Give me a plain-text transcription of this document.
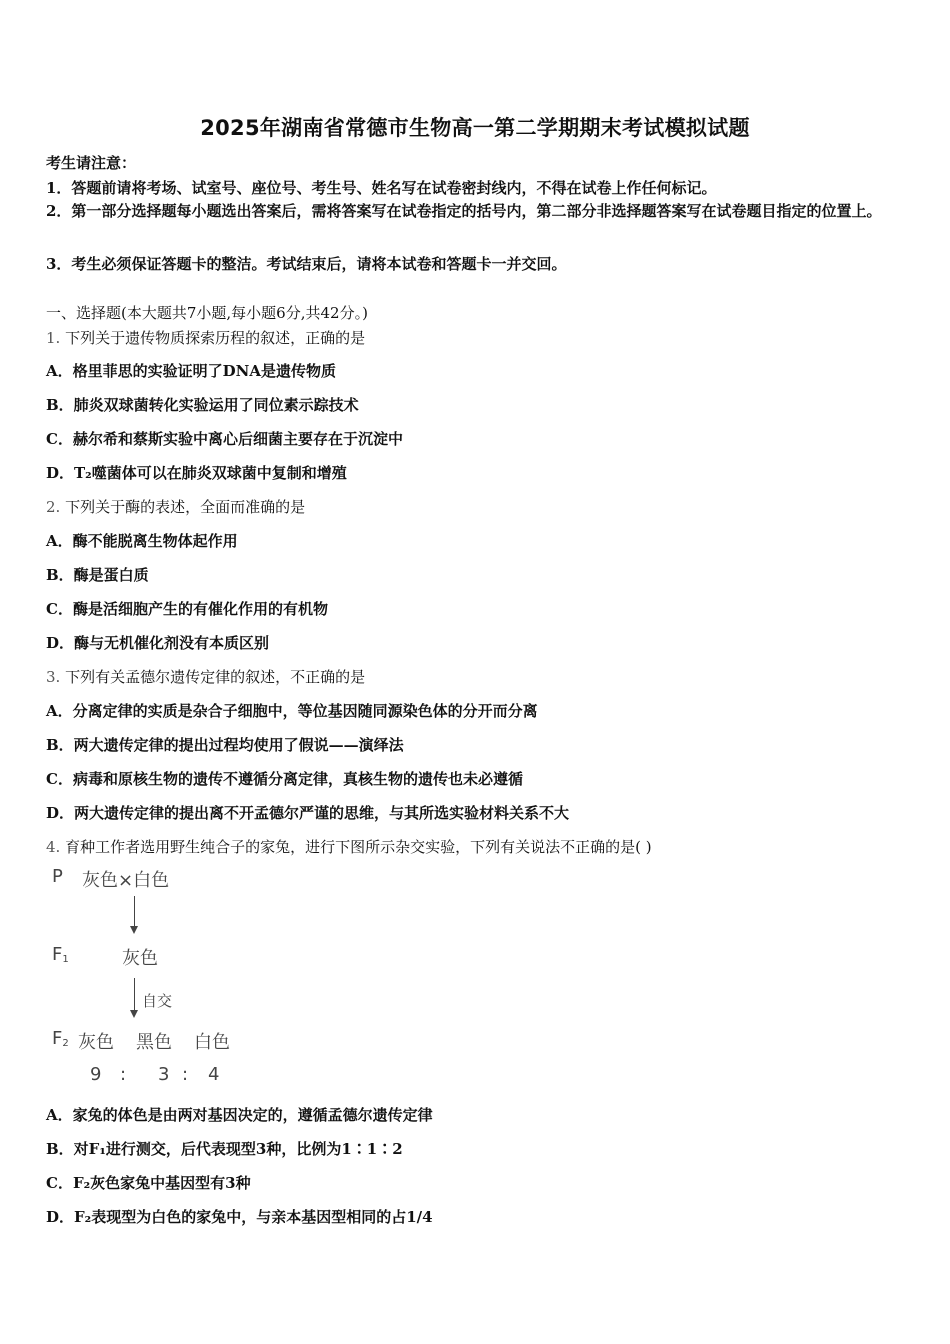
2025年湖南省常德市生物高一第二学期期末考试模拟试题
考生请注意：
1．答题前请将考场、试室号、座位号、考生号、姓名写在试卷密封线内，不得在试卷上作任何标记。
2．第一部分选择题每小题选出答案后，需将答案写在试卷指定的括号内，第二部分非选择题答案写在试卷题目指定的位置上。
3．考生必须保证答题卡的整洁。考试结束后，请将本试卷和答题卡一并交回。
一、选择题(本大题共7小题,每小题6分,共42分。)
1. 下列关于遗传物质探索历程的叙述，正确的是
A．格里菲思的实验证明了DNA是遗传物质
B．肺炎双球菌转化实验运用了同位素示踪技术
C．赫尔希和蔡斯实验中离心后细菌主要存在于沉淀中
D．T₂噬菌体可以在肺炎双球菌中复制和增殖
2. 下列关于酶的表述，全面而准确的是
A．酶不能脱离生物体起作用
B．酶是蛋白质
C．酶是活细胞产生的有催化作用的有机物
D．酶与无机催化剂没有本质区别
3. 下列有关孟德尔遗传定律的叙述，不正确的是
A．分离定律的实质是杂合子细胞中，等位基因随同源染色体的分开而分离
B．两大遗传定律的提出过程均使用了假说——演绎法
C．病毒和原核生物的遗传不遵循分离定律，真核生物的遗传也未必遵循
D．两大遗传定律的提出离不开孟德尔严谨的思维，与其所选实验材料关系不大
4. 育种工作者选用野生纯合子的家兔，进行下图所示杂交实验，下列有关说法不正确的是( )
P 灰色×白色
$F_1$	灰色
自交
$F_2$ 灰色 黑色 白色
9 : 3 : 4
A．家兔的体色是由两对基因决定的，遵循孟德尔遗传定律
B．对F₁进行测交，后代表现型3种，比例为1∶1∶2
C．F₂灰色家兔中基因型有3种
D．F₂表现型为白色的家兔中，与亲本基因型相同的占1/4
